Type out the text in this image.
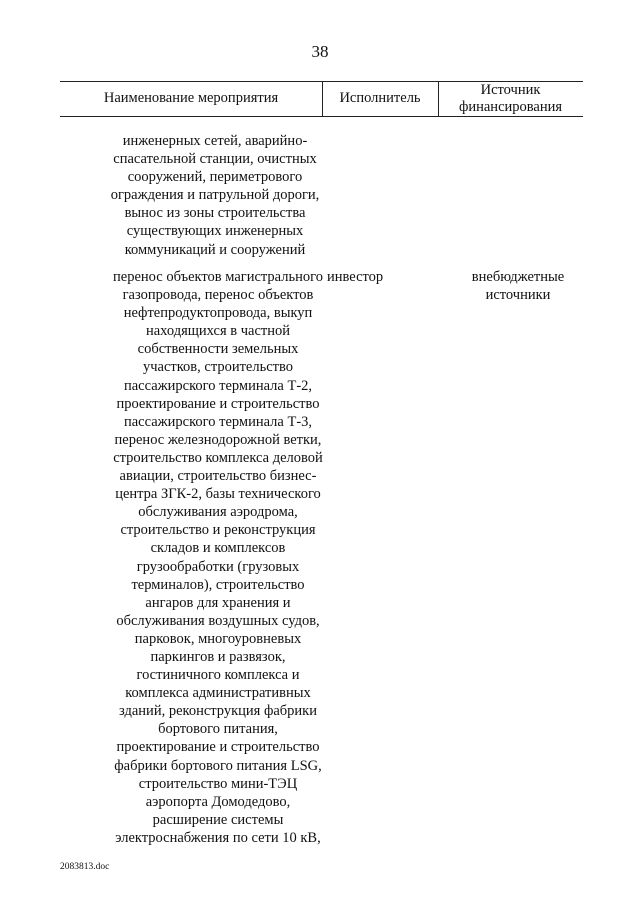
38
Наименование мероприятия	Исполнитель	Источник
финансирования
инженерных сетей, аварийно-
спасательной станции, очистных
сооружений, периметрового
ограждения и патрульной дороги,
вынос из зоны строительства
существующих инженерных
коммуникаций и сооружений
перенос объектов магистрального
газопровода, перенос объектов
нефтепродуктопровода, выкуп
находящихся в частной
собственности земельных
участков, строительство
пассажирского терминала Т-2,
проектирование и строительство
пассажирского терминала Т-3,
перенос железнодорожной ветки,
строительство комплекса деловой
авиации, строительство бизнес-
центра ЗГК-2, базы технического
обслуживания аэродрома,
строительство и реконструкция
складов и комплексов
грузообработки (грузовых
терминалов), строительство
ангаров для хранения и
обслуживания воздушных судов,
парковок, многоуровневых
паркингов и развязок,
гостиничного комплекса и
комплекса административных
зданий, реконструкция фабрики
бортового питания,
проектирование и строительство
фабрики бортового питания LSG,
строительство мини-ТЭЦ
аэропорта Домодедово,
расширение системы
электроснабжения по сети 10 кВ,
инвестор	внебюджетные
источники
2083813.doc
